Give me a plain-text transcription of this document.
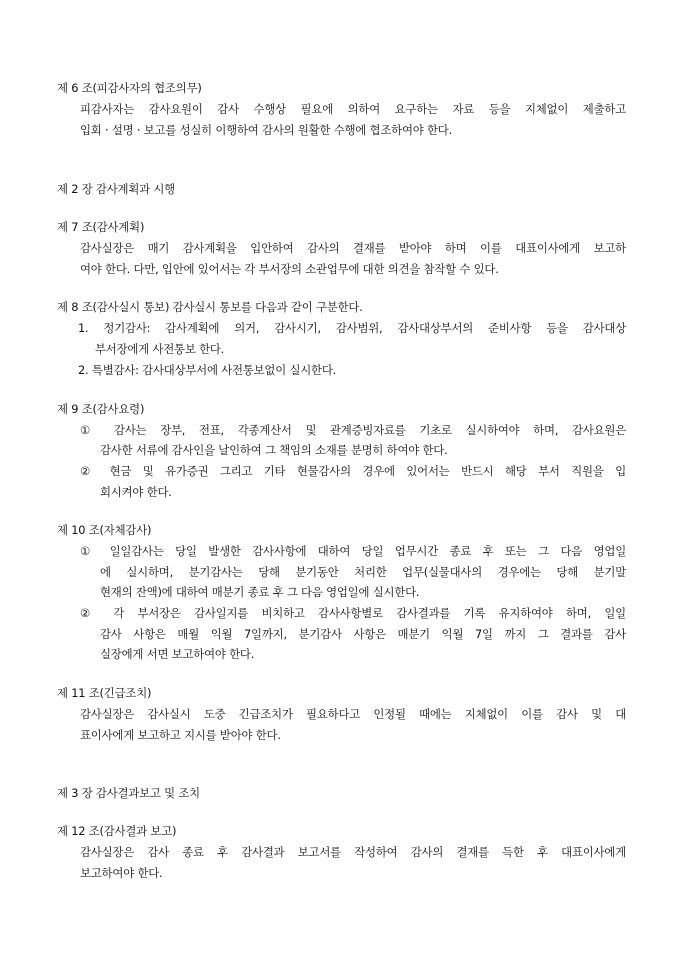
제 6 조(피감사자의 협조의무)
피감사자는 감사요원이 감사 수행상 필요에 의하여 요구하는 자료 등을 지체없이 제출하고
입회 · 설명 · 보고를 성실히 이행하여 감사의 원활한 수행에 협조하여야 한다.
제 2 장 감사계획과 시행
제 7 조(감사계획)
감사실장은 매기 감사계획을 입안하여 감사의 결재를 받아야 하며 이를 대표이사에게 보고하
여야 한다. 다만, 입안에 있어서는 각 부서장의 소관업무에 대한 의견을 참작할 수 있다.
제 8 조(감사실시 통보) 감사실시 통보를 다음과 같이 구분한다.
1. 정기감사: 감사계획에 의거, 감사시기, 감사범위, 감사대상부서의 준비사항 등을 감사대상
부서장에게 사전통보 한다.
2. 특별감사: 감사대상부서에 사전통보없이 실시한다.
제 9 조(감사요령)
① 감사는 장부, 전표, 각종계산서 및 관계증빙자료를 기초로 실시하여야 하며, 감사요원은
감사한 서류에 감사인을 날인하여 그 책임의 소재를 분명히 하여야 한다.
② 현금 및 유가증권 그리고 기타 현물감사의 경우에 있어서는 반드시 해당 부서 직원을 입
회시켜야 한다.
제 10 조(자체감사)
① 일일감사는 당일 발생한 감사사항에 대하여 당일 업무시간 종료 후 또는 그 다음 영업일
에 실시하며, 분기감사는 당해 분기동안 처리한 업무(실물대사의 경우에는 당해 분기말
현재의 잔액)에 대하여 매분기 종료 후 그 다음 영업일에 실시한다.
② 각 부서장은 감사일지를 비치하고 감사사항별로 감사결과를 기록 유지하여야 하며, 일일
감사 사항은 매월 익월 7일까지, 분기감사 사항은 매분기 익월 7일 까지 그 결과를 감사
실장에게 서면 보고하여야 한다.
제 11 조(긴급조치)
감사실장은 감사실시 도중 긴급조치가 필요하다고 인정될 때에는 지체없이 이를 감사 및 대
표이사에게 보고하고 지시를 받아야 한다.
제 3 장 감사결과보고 및 조치
제 12 조(감사결과 보고)
감사실장은 감사 종료 후 감사결과 보고서를 작성하여 감사의 결재를 득한 후 대표이사에게
보고하여야 한다.
